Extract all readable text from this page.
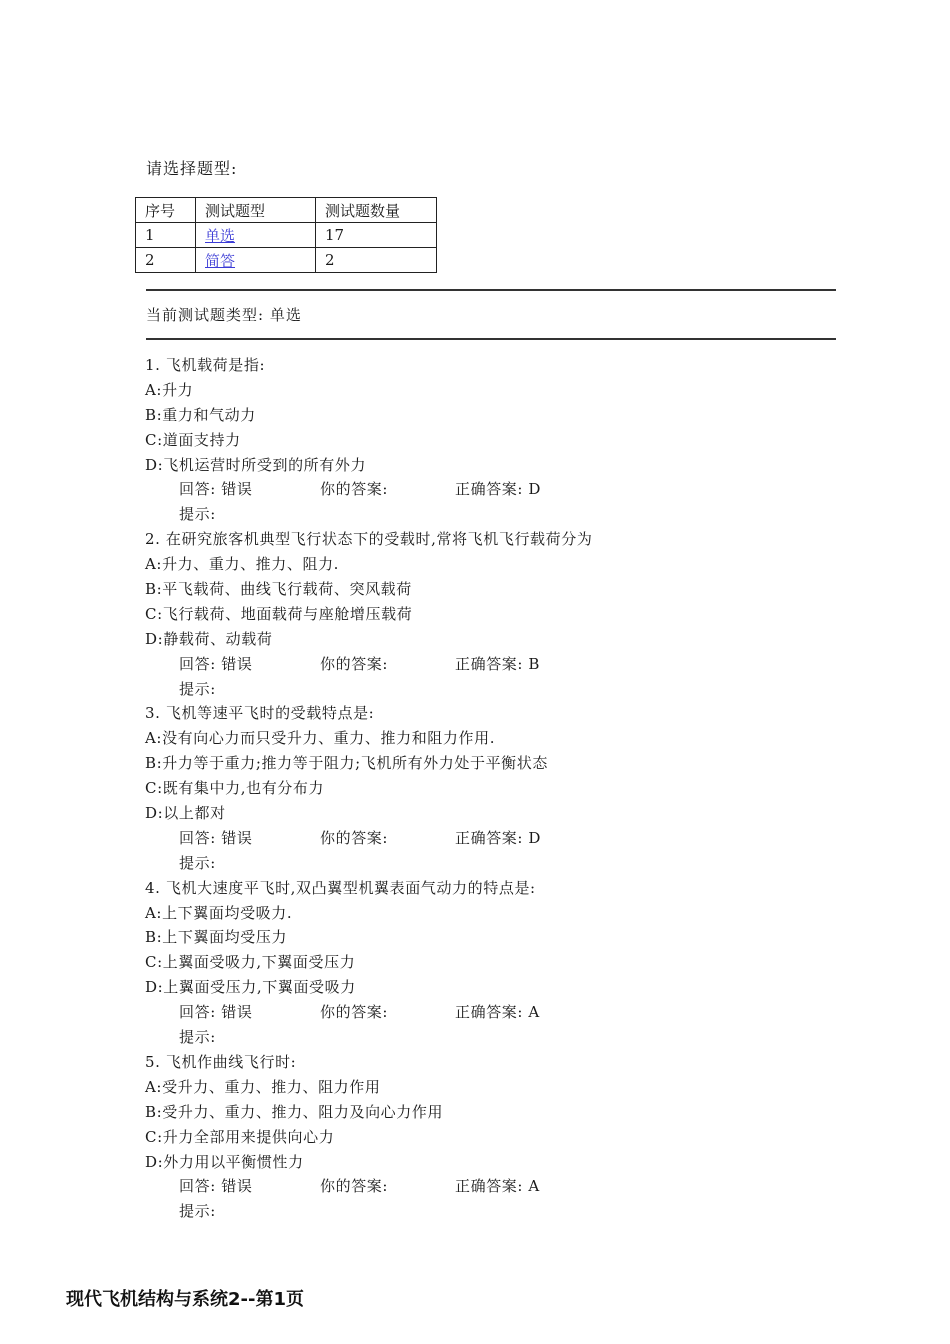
请选择题型:
序号	测试题型	测试题数量
1	单选	17
2	简答	2
当前测试题类型: 单选
1. 飞机载荷是指:
A:升力
B:重力和气动力
C:道面支持力
D:飞机运营时所受到的所有外力
回答: 错误	你的答案:	正确答案: D
提示:
2. 在研究旅客机典型飞行状态下的受载时,常将飞机飞行载荷分为
A:升力、重力、推力、阻力.
B:平飞载荷、曲线飞行载荷、突风载荷
C:飞行载荷、地面载荷与座舱增压载荷
D:静载荷、动载荷
回答: 错误	你的答案:	正确答案: B
提示:
3. 飞机等速平飞时的受载特点是:
A:没有向心力而只受升力、重力、推力和阻力作用.
B:升力等于重力;推力等于阻力;飞机所有外力处于平衡状态
C:既有集中力,也有分布力
D:以上都对
回答: 错误	你的答案:	正确答案: D
提示:
4. 飞机大速度平飞时,双凸翼型机翼表面气动力的特点是:
A:上下翼面均受吸力.
B:上下翼面均受压力
C:上翼面受吸力,下翼面受压力
D:上翼面受压力,下翼面受吸力
回答: 错误	你的答案:	正确答案: A
提示:
5. 飞机作曲线飞行时:
A:受升力、重力、推力、阻力作用
B:受升力、重力、推力、阻力及向心力作用
C:升力全部用来提供向心力
D:外力用以平衡惯性力
回答: 错误	你的答案:	正确答案: A
提示:
现代飞机结构与系统2--第1页
